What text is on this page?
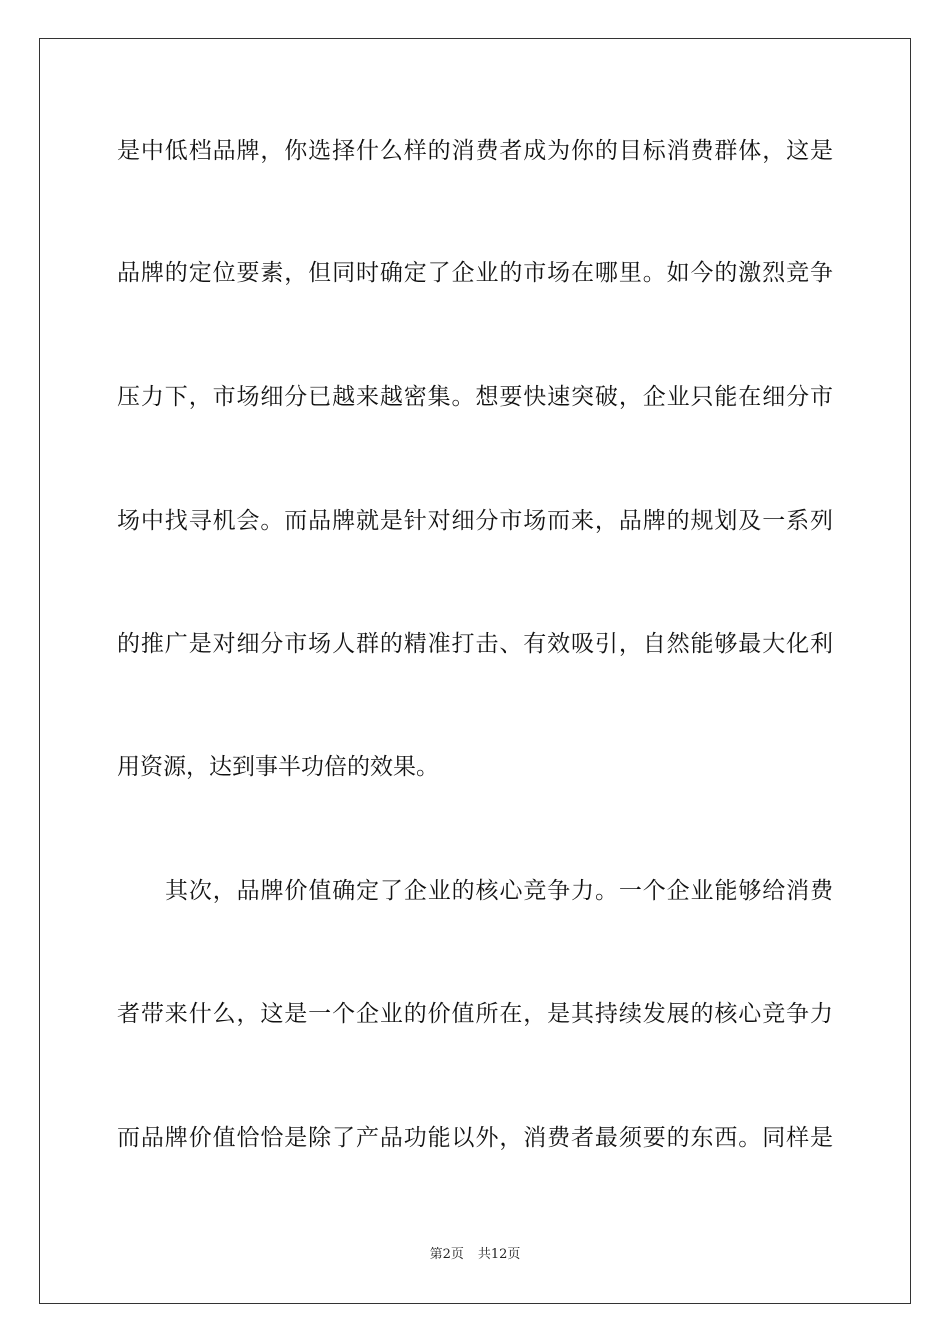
是中低档品牌，你选择什么样的消费者成为你的目标消费群体，这是
品牌的定位要素，但同时确定了企业的市场在哪里。如今的激烈竞争
压力下，市场细分已越来越密集。想要快速突破，企业只能在细分市
场中找寻机会。而品牌就是针对细分市场而来，品牌的规划及一系列
的推广是对细分市场人群的精准打击、有效吸引，自然能够最大化利
用资源，达到事半功倍的效果。
其次，品牌价值确定了企业的核心竞争力。一个企业能够给消费
者带来什么，这是一个企业的价值所在，是其持续发展的核心竞争力
而品牌价值恰恰是除了产品功能以外，消费者最须要的东西。同样是
第2页 共12页
